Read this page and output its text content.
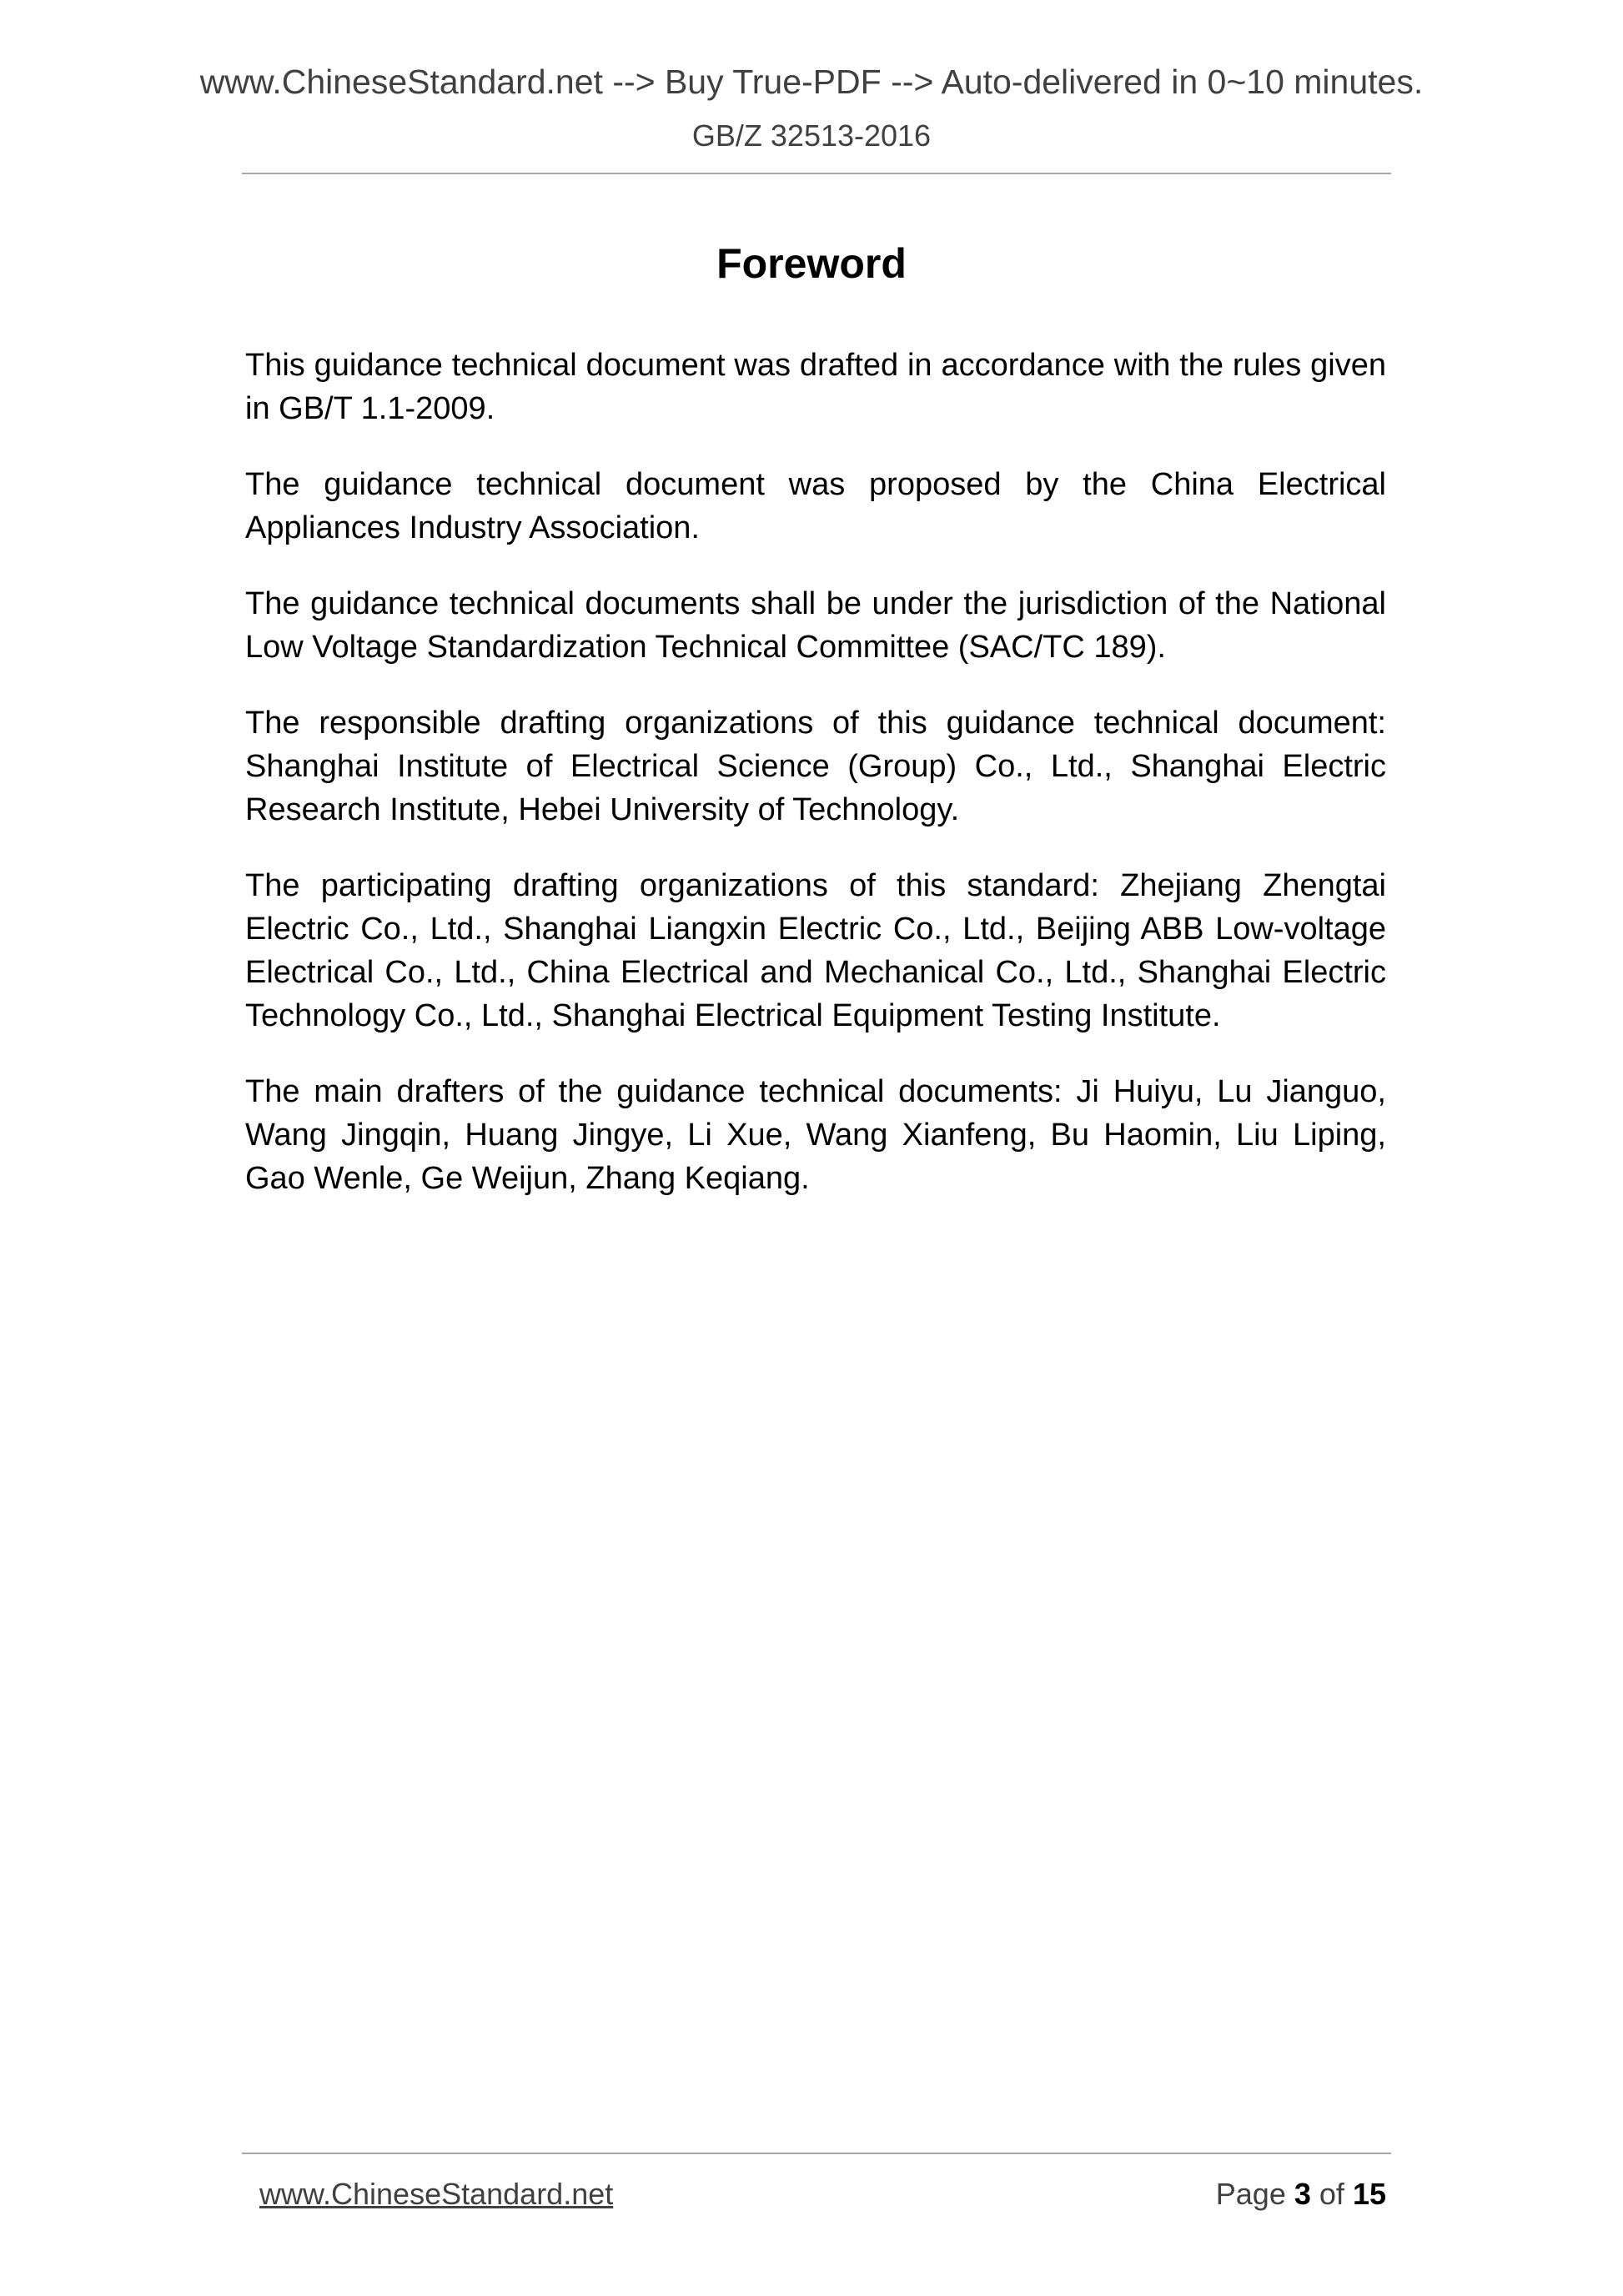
www.ChineseStandard.net --> Buy True-PDF --> Auto-delivered in 0~10 minutes.
GB/Z 32513-2016
Foreword

This guidance technical document was drafted in accordance with the rules given in GB/T 1.1-2009.

The guidance technical document was proposed by the China Electrical Appliances Industry Association.

The guidance technical documents shall be under the jurisdiction of the National Low Voltage Standardization Technical Committee (SAC/TC 189).

The responsible drafting organizations of this guidance technical document: Shanghai Institute of Electrical Science (Group) Co., Ltd., Shanghai Electric Research Institute, Hebei University of Technology.

The participating drafting organizations of this standard: Zhejiang Zhengtai Electric Co., Ltd., Shanghai Liangxin Electric Co., Ltd., Beijing ABB Low-voltage Electrical Co., Ltd., China Electrical and Mechanical Co., Ltd., Shanghai Electric Technology Co., Ltd., Shanghai Electrical Equipment Testing Institute.

The main drafters of the guidance technical documents: Ji Huiyu, Lu Jianguo, Wang Jingqin, Huang Jingye, Li Xue, Wang Xianfeng, Bu Haomin, Liu Liping, Gao Wenle, Ge Weijun, Zhang Keqiang.

www.ChineseStandard.net	Page 3 of 15
